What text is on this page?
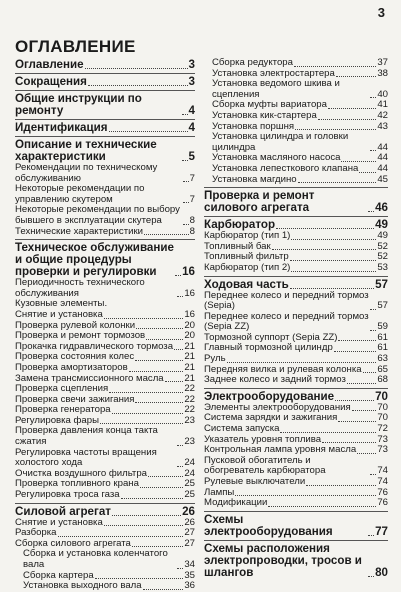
3
ОГЛАВЛЕНИЕ
Оглавление	3
Сокращения	3
Общие инструкции по ремонту	4
Идентификация	4
Описание и технические характеристики	5
Рекомендации по техническому обслуживанию	7
Некоторые рекомендации по управлению скутером	7
Некоторые рекомендации по выбору бывшего в эксплуатации скутера	8
Технические характеристики	8
Техническое обслуживание и общие процедуры проверки и регулировки	16
Периодичность технического обслуживания	16
Кузовные элементы.
Снятие и установка	16
Проверка рулевой колонки	20
Проверка и ремонт тормозов	20
Прокачка гидравлического тормоза 21
Проверка состояния колес	21
Проверка амортизаторов	21
Замена трансмиссионного масла 21
Проверка сцепления	22
Проверка свечи зажигания	22
Проверка генератора	22
Регулировка фары	23
Проверка давления конца такта сжатия	23
Регулировка частоты вращения холостого хода	24
Очистка воздушного фильтра	24
Проверка топливного крана	25
Регулировка троса газа	25
Силовой агрегат	26
Снятие и установка	26
Разборка	27
Сборка силового агрегата	27
Сборка и установка коленчатого вала	34
Сборка картера	35
Установка выходного вала	36
Сборка редуктора	37
Установка электростартера	38
Установка ведомого шкива и сцепления	40
Сборка муфты вариатора	41
Установка кик-стартера	42
Установка поршня	43
Установка цилиндра и головки цилиндра	44
Установка масляного насоса	44
Установка лепесткового клапана 44
Установка магдино	45
Проверка и ремонт силового агрегата	46
Карбюратор	49
Карбюратор (тип 1)	49
Топливный бак	52
Топливный фильтр	52
Карбюратор (тип 2)	53
Ходовая часть	57
Переднее колесо и передний тормоз (Sepia)	57
Переднее колесо и передний тормоз (Sepia ZZ)	59
Тормозной суппорт (Sepia ZZ)	61
Главный тормозной цилиндр	61
Руль	63
Передняя вилка и рулевая колонка 65
Заднее колесо и задний тормоз	68
Электрооборудование	70
Элементы электрооборудования	70
Система зарядки и зажигания	70
Система запуска	72
Указатель уровня топлива	73
Контрольная лампа уровня масла 73
Пусковой обогатитель и обогреватель карбюратора	74
Рулевые выключатели	74
Лампы	76
Модификации	76
Схемы электрооборудования	77
Схемы расположения электропроводки, тросов и шлангов	80
